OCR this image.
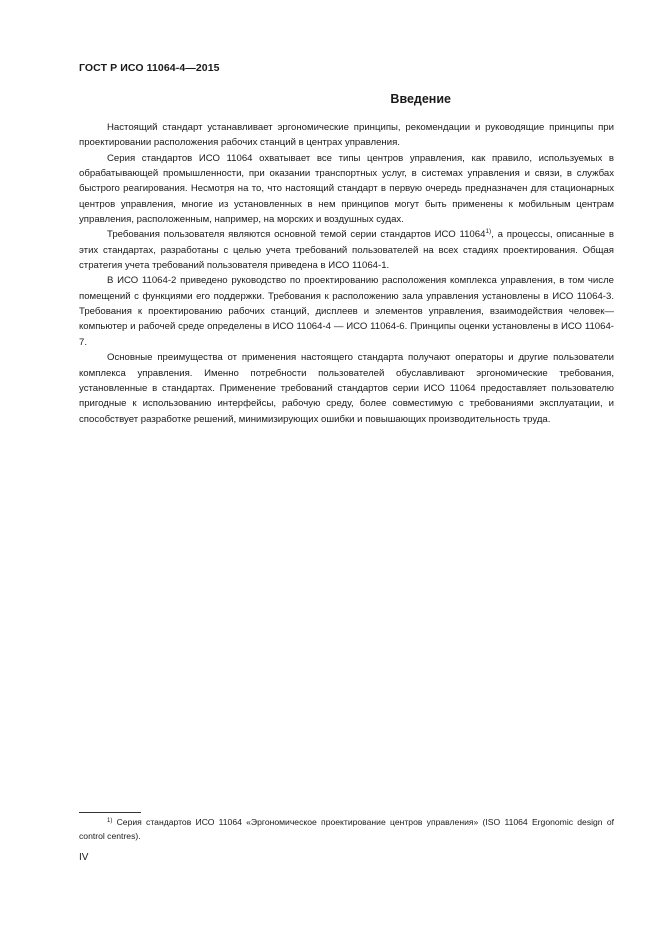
ГОСТ Р ИСО 11064-4—2015
Введение

Настоящий стандарт устанавливает эргономические принципы, рекомендации и руководящие принципы при проектировании расположения рабочих станций в центрах управления.

Серия стандартов ИСО 11064 охватывает все типы центров управления, как правило, используемых в обрабатывающей промышленности, при оказании транспортных услуг, в системах управления и связи, в службах быстрого реагирования. Несмотря на то, что настоящий стандарт в первую очередь предназначен для стационарных центров управления, многие из установленных в нем принципов могут быть применены к мобильным центрам управления, расположенным, например, на морских и воздушных судах.

Требования пользователя являются основной темой серии стандартов ИСО 11064$^{1)}$, а процессы, описанные в этих стандартах, разработаны с целью учета требований пользователей на всех стадиях проектирования. Общая стратегия учета требований пользователя приведена в ИСО 11064-1.

В ИСО 11064-2 приведено руководство по проектированию расположения комплекса управления, в том числе помещений с функциями его поддержки. Требования к расположению зала управления установлены в ИСО 11064-3. Требования к проектированию рабочих станций, дисплеев и элементов управления, взаимодействия человек—компьютер и рабочей среде определены в ИСО 11064-4 — ИСО 11064-6. Принципы оценки установлены в ИСО 11064-7.

Основные преимущества от применения настоящего стандарта получают операторы и другие пользователи комплекса управления. Именно потребности пользователей обуславливают эргономические требования, установленные в стандартах. Применение требований стандартов серии ИСО 11064 предоставляет пользователю пригодные к использованию интерфейсы, рабочую среду, более совместимую с требованиями эксплуатации, и способствует разработке решений, минимизирующих ошибки и повышающих производительность труда.

$^{1)}$ Серия стандартов ИСО 11064 «Эргономическое проектирование центров управления» (ISO 11064 Ergonomic design of control centres).

IV
